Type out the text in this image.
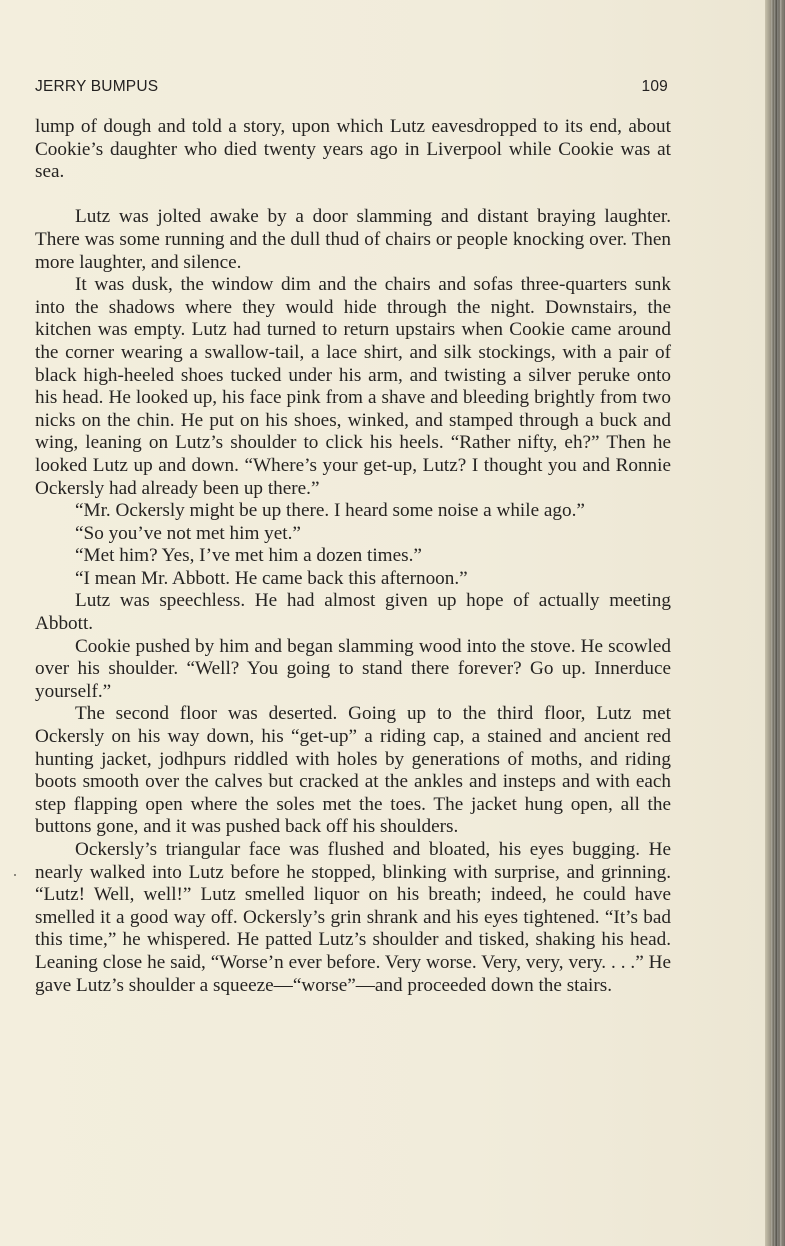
JERRY BUMPUS	109

lump of dough and told a story, upon which Lutz eavesdropped to its end, about Cookie’s daughter who died twenty years ago in Liverpool while Cookie was at sea.

Lutz was jolted awake by a door slamming and distant braying laughter. There was some running and the dull thud of chairs or people knocking over. Then more laughter, and silence.

It was dusk, the window dim and the chairs and sofas three-quarters sunk into the shadows where they would hide through the night. Downstairs, the kitchen was empty. Lutz had turned to return upstairs when Cookie came around the corner wearing a swallow-tail, a lace shirt, and silk stockings, with a pair of black high-heeled shoes tucked under his arm, and twisting a silver peruke onto his head. He looked up, his face pink from a shave and bleeding brightly from two nicks on the chin. He put on his shoes, winked, and stamped through a buck and wing, leaning on Lutz’s shoulder to click his heels. “Rather nifty, eh?” Then he looked Lutz up and down. “Where’s your get-up, Lutz? I thought you and Ronnie Ockersly had already been up there.”

“Mr. Ockersly might be up there. I heard some noise a while ago.”

“So you’ve not met him yet.”

“Met him? Yes, I’ve met him a dozen times.”

“I mean Mr. Abbott. He came back this afternoon.”

Lutz was speechless. He had almost given up hope of actually meeting Abbott.

Cookie pushed by him and began slamming wood into the stove. He scowled over his shoulder. “Well? You going to stand there forever? Go up. Innerduce yourself.”

The second floor was deserted. Going up to the third floor, Lutz met Ockersly on his way down, his “get-up” a riding cap, a stained and ancient red hunting jacket, jodhpurs riddled with holes by generations of moths, and riding boots smooth over the calves but cracked at the ankles and insteps and with each step flapping open where the soles met the toes. The jacket hung open, all the buttons gone, and it was pushed back off his shoulders.

Ockersly’s triangular face was flushed and bloated, his eyes bugging. He nearly walked into Lutz before he stopped, blinking with surprise, and grinning. “Lutz! Well, well!” Lutz smelled liquor on his breath; indeed, he could have smelled it a good way off. Ockersly’s grin shrank and his eyes tightened. “It’s bad this time,” he whispered. He patted Lutz’s shoulder and tisked, shaking his head. Leaning close he said, “Worse’n ever before. Very worse. Very, very, very. . . .” He gave Lutz’s shoulder a squeeze—“worse”—and proceeded down the stairs.
